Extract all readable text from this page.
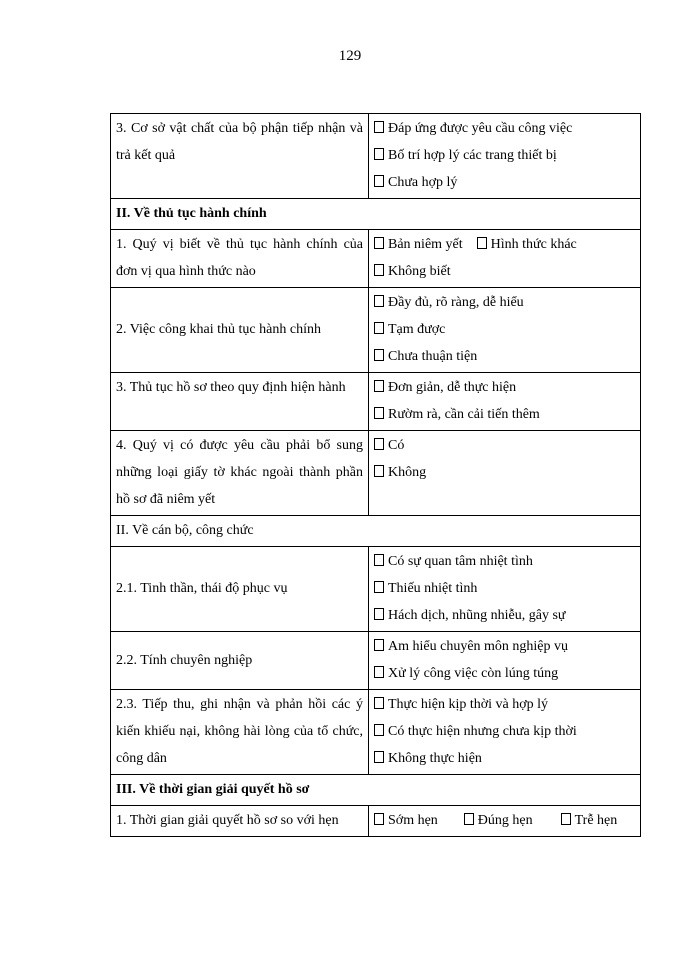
129
3. Cơ sở vật chất của bộ phận tiếp nhận và trả kết quả	Đáp ứng được yêu cầu công việc
Bố trí hợp lý các trang thiết bị
Chưa hợp lý

II. Về thủ tục hành chính	
1. Quý vị biết về thủ tục hành chính của đơn vị qua hình thức nào	Bản niêm yết Hình thức khác
Không biết

2. Việc công khai thủ tục hành chính	Đầy đủ, rõ ràng, dễ hiểu
Tạm được
Chưa thuận tiện

3. Thủ tục hồ sơ theo quy định hiện hành	Đơn giản, dễ thực hiện
Rườm rà, cần cải tiến thêm

4. Quý vị có được yêu cầu phải bổ sung những loại giấy tờ khác ngoài thành phần hồ sơ đã niêm yết	Có
Không

II. Về cán bộ, công chức	
2.1. Tinh thần, thái độ phục vụ	Có sự quan tâm nhiệt tình
Thiếu nhiệt tình
Hách dịch, nhũng nhiễu, gây sự

2.2. Tính chuyên nghiệp	Am hiểu chuyên môn nghiệp vụ
Xử lý công việc còn lúng túng

2.3. Tiếp thu, ghi nhận và phản hồi các ý kiến khiếu nại, không hài lòng của tổ chức, công dân	Thực hiện kịp thời và hợp lý
Có thực hiện nhưng chưa kịp thời
Không thực hiện

III. Về thời gian giải quyết hồ sơ	
1. Thời gian giải quyết hồ sơ so với hẹn	Sớm hẹn Đúng hẹn Trễ hẹn
